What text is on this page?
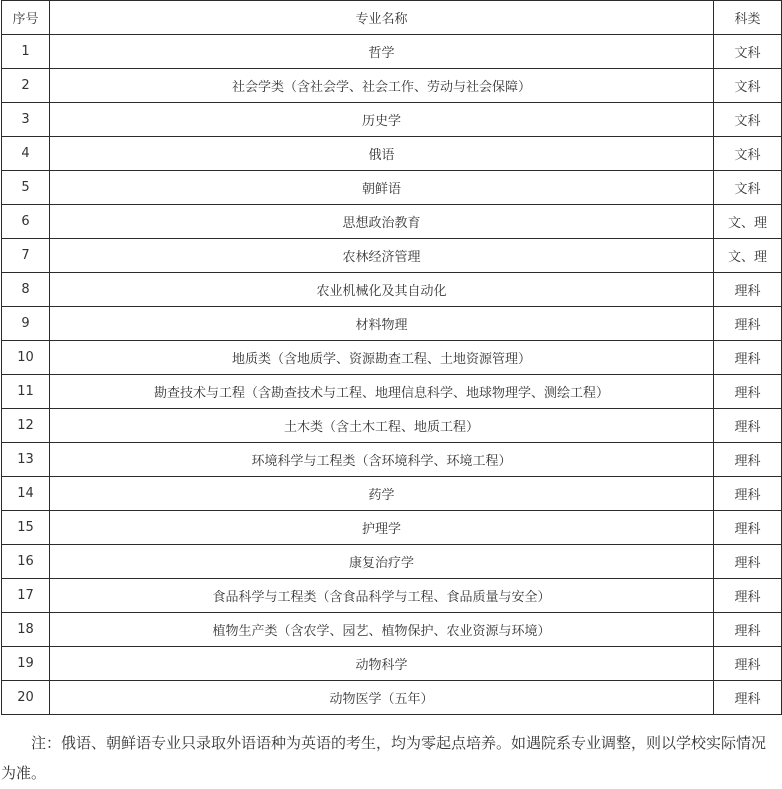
序号	专业名称	科类
1	哲学	文科
2	社会学类（含社会学、社会工作、劳动与社会保障）	文科
3	历史学	文科
4	俄语	文科
5	朝鲜语	文科
6	思想政治教育	文、理
7	农林经济管理	文、理
8	农业机械化及其自动化	理科
9	材料物理	理科
10	地质类（含地质学、资源勘查工程、土地资源管理）	理科
11	勘查技术与工程（含勘查技术与工程、地理信息科学、地球物理学、测绘工程）	理科
12	土木类（含土木工程、地质工程）	理科
13	环境科学与工程类（含环境科学、环境工程）	理科
14	药学	理科
15	护理学	理科
16	康复治疗学	理科
17	食品科学与工程类（含食品科学与工程、食品质量与安全）	理科
18	植物生产类（含农学、园艺、植物保护、农业资源与环境）	理科
19	动物科学	理科
20	动物医学（五年）	理科

注：俄语、朝鲜语专业只录取外语语种为英语的考生，均为零起点培养。如遇院系专业调整，则以学校实际情况为准。
